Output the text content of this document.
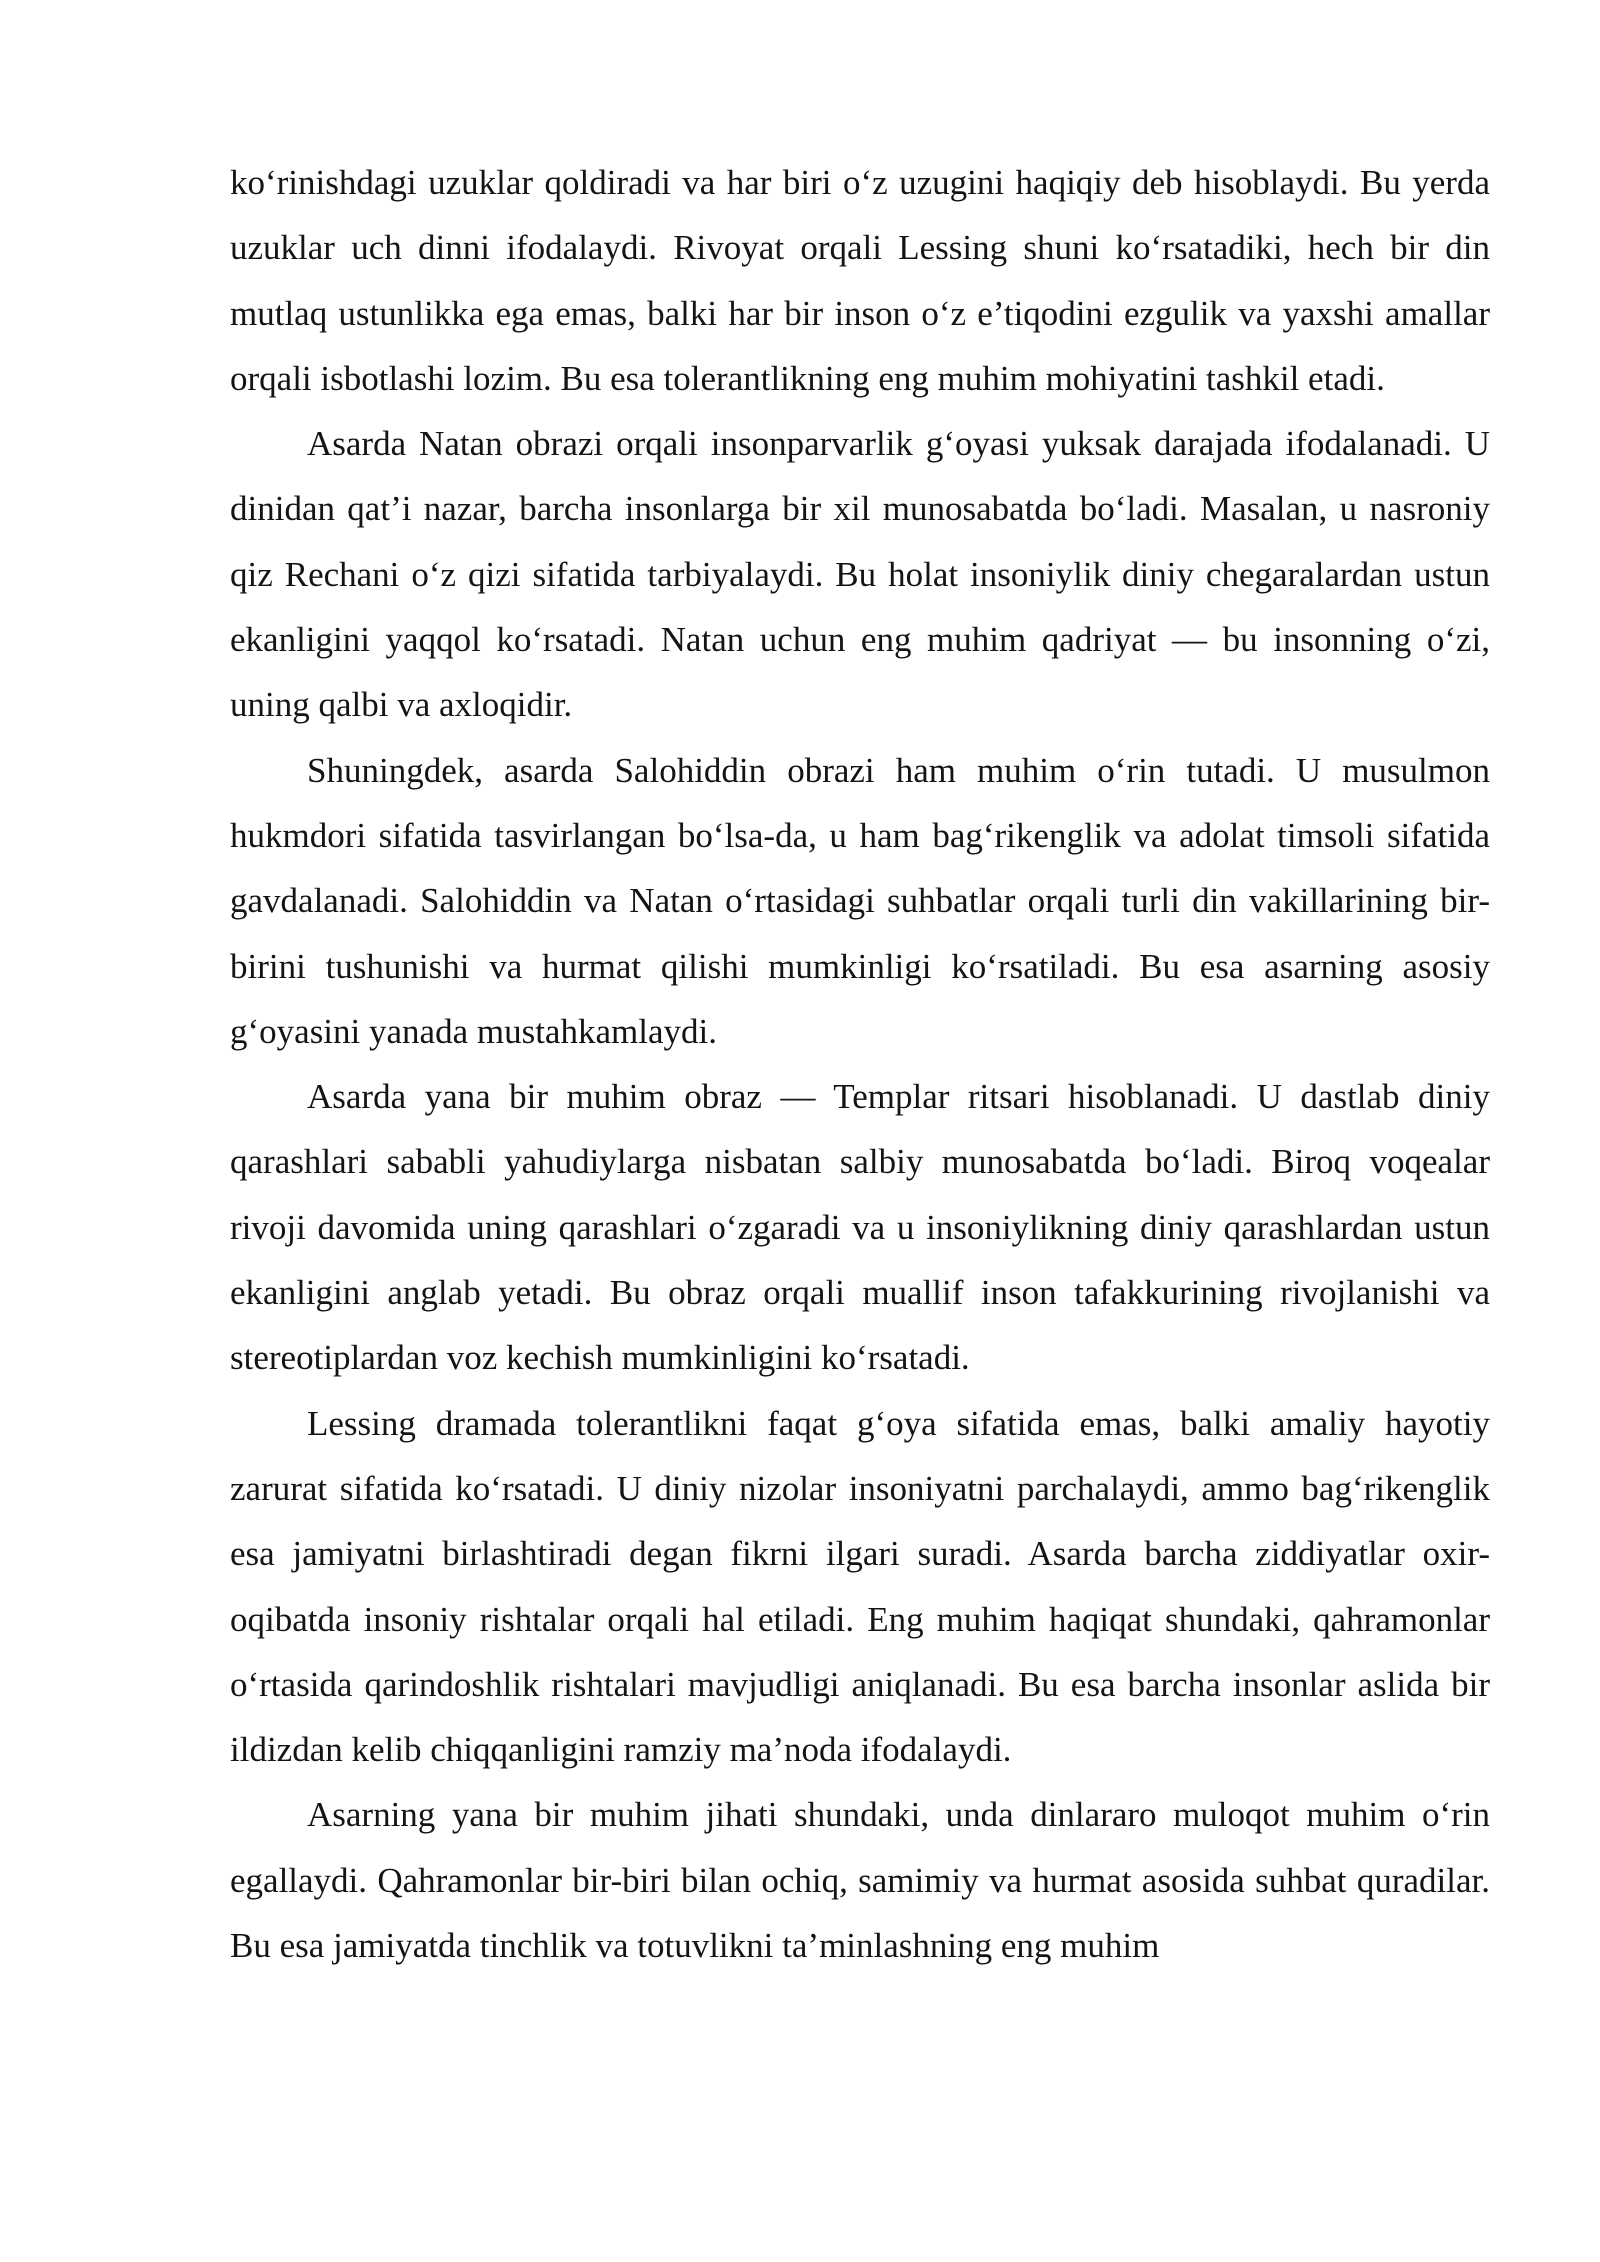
ko‘rinishdagi uzuklar qoldiradi va har biri o‘z uzugini haqiqiy deb hisoblaydi. Bu yerda uzuklar uch dinni ifodalaydi. Rivoyat orqali Lessing shuni ko‘rsatadiki, hech bir din mutlaq ustunlikka ega emas, balki har bir inson o‘z e’tiqodini ezgulik va yaxshi amallar orqali isbotlashi lozim. Bu esa tolerantlikning eng muhim mohiyatini tashkil etadi.

Asarda Natan obrazi orqali insonparvarlik g‘oyasi yuksak darajada ifodalanadi. U dinidan qat’i nazar, barcha insonlarga bir xil munosabatda bo‘ladi. Masalan, u nasroniy qiz Rechani o‘z qizi sifatida tarbiyalaydi. Bu holat insoniylik diniy chegaralardan ustun ekanligini yaqqol ko‘rsatadi. Natan uchun eng muhim qadriyat — bu insonning o‘zi, uning qalbi va axloqidir.

Shuningdek, asarda Salohiddin obrazi ham muhim o‘rin tutadi. U musulmon hukmdori sifatida tasvirlangan bo‘lsa-da, u ham bag‘rikenglik va adolat timsoli sifatida gavdalanadi. Salohiddin va Natan o‘rtasidagi suhbatlar orqali turli din vakillarining bir-birini tushunishi va hurmat qilishi mumkinligi ko‘rsatiladi. Bu esa asarning asosiy g‘oyasini yanada mustahkamlaydi.

Asarda yana bir muhim obraz — Templar ritsari hisoblanadi. U dastlab diniy qarashlari sababli yahudiylarga nisbatan salbiy munosabatda bo‘ladi. Biroq voqealar rivoji davomida uning qarashlari o‘zgaradi va u insoniylikning diniy qarashlardan ustun ekanligini anglab yetadi. Bu obraz orqali muallif inson tafakkurining rivojlanishi va stereotiplardan voz kechish mumkinligini ko‘rsatadi.

Lessing dramada tolerantlikni faqat g‘oya sifatida emas, balki amaliy hayotiy zarurat sifatida ko‘rsatadi. U diniy nizolar insoniyatni parchalaydi, ammo bag‘rikenglik esa jamiyatni birlashtiradi degan fikrni ilgari suradi. Asarda barcha ziddiyatlar oxir-oqibatda insoniy rishtalar orqali hal etiladi. Eng muhim haqiqat shundaki, qahramonlar o‘rtasida qarindoshlik rishtalari mavjudligi aniqlanadi. Bu esa barcha insonlar aslida bir ildizdan kelib chiqqanligini ramziy ma’noda ifodalaydi.

Asarning yana bir muhim jihati shundaki, unda dinlararo muloqot muhim o‘rin egallaydi. Qahramonlar bir-biri bilan ochiq, samimiy va hurmat asosida suhbat quradilar. Bu esa jamiyatda tinchlik va totuvlikni ta’minlashning eng muhim
